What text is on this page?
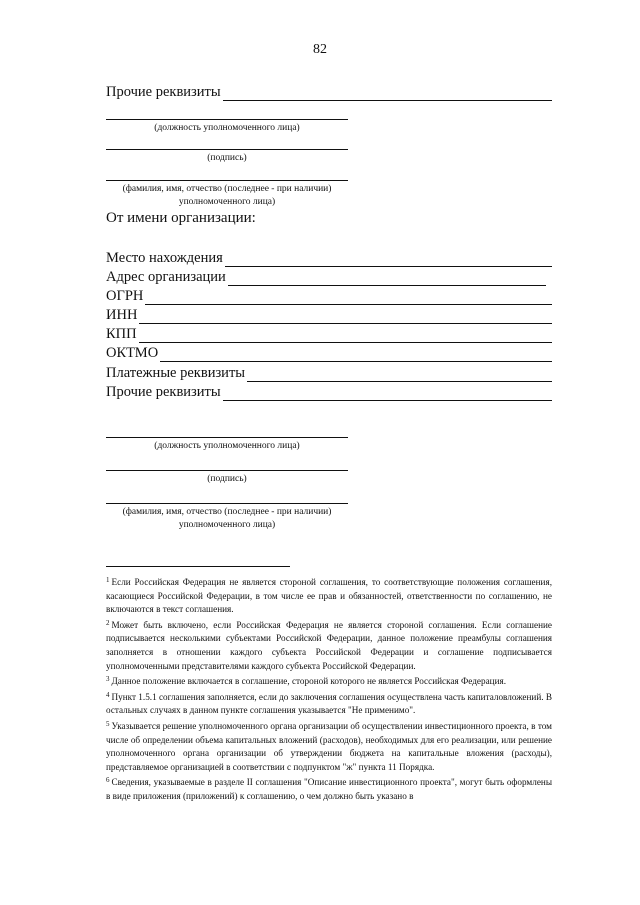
82
Прочие реквизиты
(должность уполномоченного лица)
(подпись)
(фамилия, имя, отчество (последнее - при наличии)
уполномоченного лица)
От имени организации:
Место нахождения
Адрес организации
ОГРН
ИНН
КПП
ОКТМО
Платежные реквизиты
Прочие реквизиты
(должность уполномоченного лица)
(подпись)
(фамилия, имя, отчество (последнее - при наличии)
уполномоченного лица)

$^1$ Если Российская Федерация не является стороной соглашения, то соответствующие положения соглашения, касающиеся Российской Федерации, в том числе ее прав и обязанностей, ответственности по соглашению, не включаются в текст соглашения.

$^2$ Может быть включено, если Российская Федерация не является стороной соглашения. Если соглашение подписывается несколькими субъектами Российской Федерации, данное положение преамбулы соглашения заполняется в отношении каждого субъекта Российской Федерации и соглашение подписывается уполномоченными представителями каждого субъекта Российской Федерации.

$^3$ Данное положение включается в соглашение, стороной которого не является Российская Федерация.

$^4$ Пункт 1.5.1 соглашения заполняется, если до заключения соглашения осуществлена часть капиталовложений. В остальных случаях в данном пункте соглашения указывается "Не применимо".

$^5$ Указывается решение уполномоченного органа организации об осуществлении инвестиционного проекта, в том числе об определении объема капитальных вложений (расходов), необходимых для его реализации, или решение уполномоченного органа организации об утверждении бюджета на капитальные вложения (расходы), представляемое организацией в соответствии с подпунктом "ж" пункта 11 Порядка.

$^6$ Сведения, указываемые в разделе II соглашения "Описание инвестиционного проекта", могут быть оформлены в виде приложения (приложений) к соглашению, о чем должно быть указано в
